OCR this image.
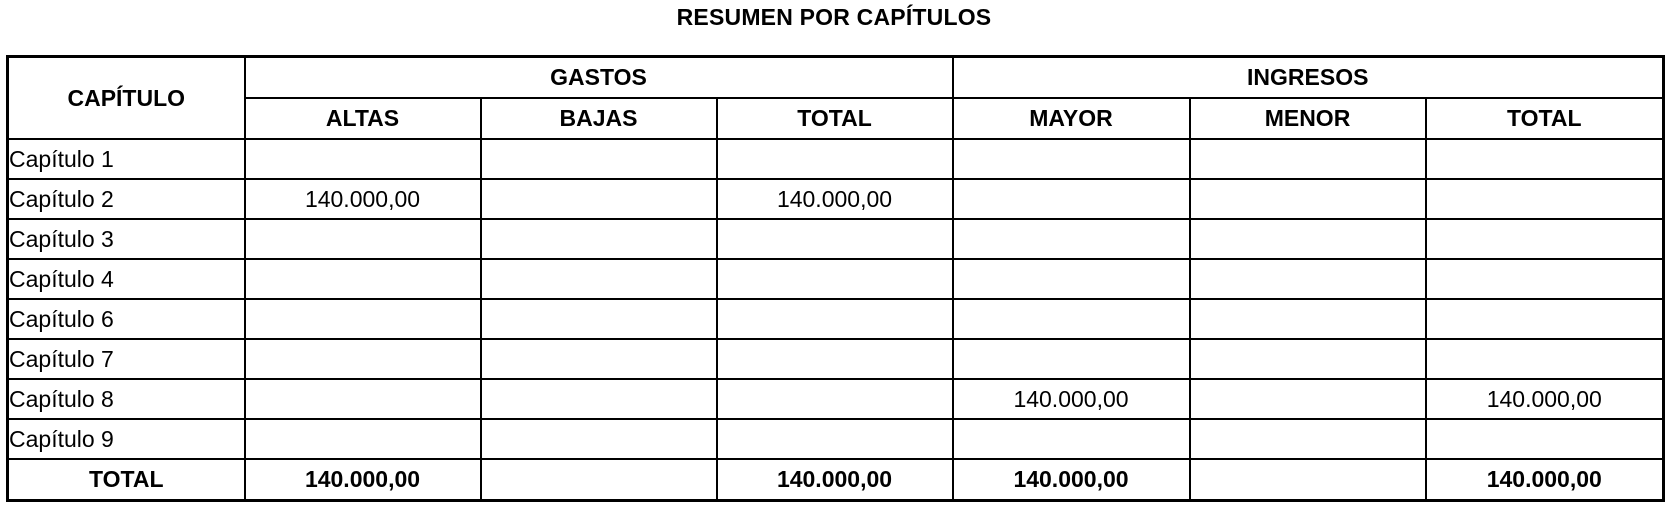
RESUMEN POR CAPÍTULOS
CAPÍTULO	GASTOS			INGRESOS		
	ALTAS	BAJAS	TOTAL	MAYOR	MENOR	TOTAL
Capítulo 1						
Capítulo 2	140.000,00		140.000,00			
Capítulo 3						
Capítulo 4						
Capítulo 6						
Capítulo 7						
Capítulo 8				140.000,00		140.000,00
Capítulo 9						
TOTAL	140.000,00		140.000,00	140.000,00		140.000,00
